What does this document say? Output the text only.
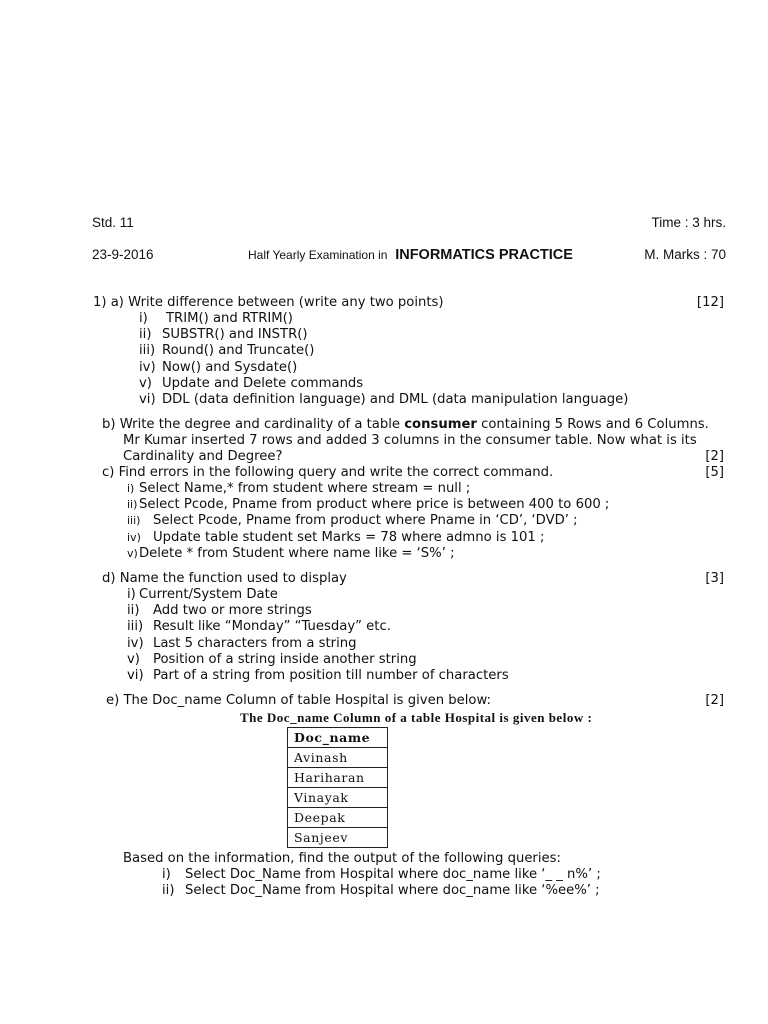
Std. 11	Time : 3 hrs.
23-9-2016	Half Yearly Examination in INFORMATICS PRACTICE	M. Marks : 70
1) a) Write difference between (write any two points)	[12]
i) TRIM() and RTRIM()
ii) SUBSTR() and INSTR()
iii) Round() and Truncate()
iv) Now() and Sysdate()
v) Update and Delete commands
vi) DDL (data definition language) and DML (data manipulation language)
b) Write the degree and cardinality of a table consumer containing 5 Rows and 6 Columns.
Mr Kumar inserted 7 rows and added 3 columns in the consumer table. Now what is its
Cardinality and Degree?	[2]
c) Find errors in the following query and write the correct command.	[5]
i) Select Name,* from student where stream = null ;
ii) Select Pcode, Pname from product where price is between 400 to 600 ;
iii) Select Pcode, Pname from product where Pname in ‘CD’, ‘DVD’ ;
iv) Update table student set Marks = 78 where admno is 101 ;
v)Delete * from Student where name like = ‘S%’ ;
d) Name the function used to display	[3]
i) Current/System Date
ii) Add two or more strings
iii) Result like “Monday” “Tuesday” etc.
iv) Last 5 characters from a string
v) Position of a string inside another string
vi) Part of a string from position till number of characters
e) The Doc_name Column of table Hospital is given below:	[2]
The Doc_name Column of a table Hospital is given below :
Doc_name
Avinash
Hariharan
Vinayak
Deepak
Sanjeev
Based on the information, find the output of the following queries:
i) Select Doc_Name from Hospital where doc_name like ‘_ _ n%’ ;
ii) Select Doc_Name from Hospital where doc_name like ‘%ee%’ ;
